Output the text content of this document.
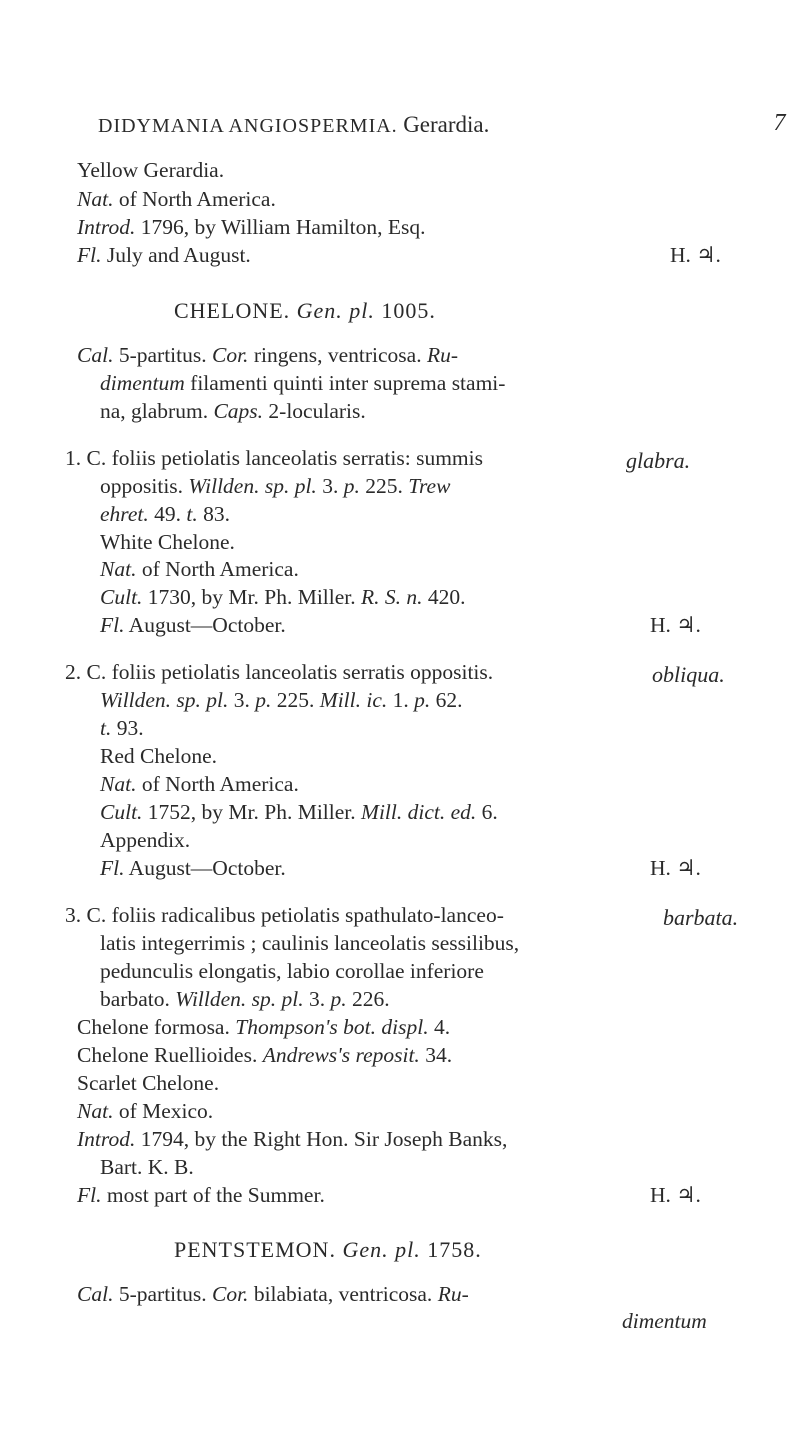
DIDYMANIA ANGIOSPERMIA. Gerardia.	7
Yellow Gerardia.
Nat. of North America.
Introd. 1796, by William Hamilton, Esq.
Fl. July and August.	H. ♃.
CHELONE. Gen. pl. 1005.
Cal. 5-partitus. Cor. ringens, ventricosa. Ru-
dimentum filamenti quinti inter suprema stami-
na, glabrum. Caps. 2-locularis.
1. C. foliis petiolatis lanceolatis serratis: summis	glabra.
oppositis. Willden. sp. pl. 3. p. 225. Trew
ehret. 49. t. 83.
White Chelone.
Nat. of North America.
Cult. 1730, by Mr. Ph. Miller. R. S. n. 420.
Fl. August—October.	H. ♃.
2. C. foliis petiolatis lanceolatis serratis oppositis.	obliqua.
Willden. sp. pl. 3. p. 225. Mill. ic. 1. p. 62.
t. 93.
Red Chelone.
Nat. of North America.
Cult. 1752, by Mr. Ph. Miller. Mill. dict. ed. 6.
Appendix.
Fl. August—October.	H. ♃.
3. C. foliis radicalibus petiolatis spathulato-lanceo-	barbata.
latis integerrimis ; caulinis lanceolatis sessilibus,
pedunculis elongatis, labio corollae inferiore
barbato. Willden. sp. pl. 3. p. 226.
Chelone formosa. Thompson's bot. displ. 4.
Chelone Ruellioides. Andrews's reposit. 34.
Scarlet Chelone.
Nat. of Mexico.
Introd. 1794, by the Right Hon. Sir Joseph Banks,
Bart. K. B.
Fl. most part of the Summer.	H. ♃.
PENTSTEMON. Gen. pl. 1758.
Cal. 5-partitus. Cor. bilabiata, ventricosa. Ru-
dimentum
